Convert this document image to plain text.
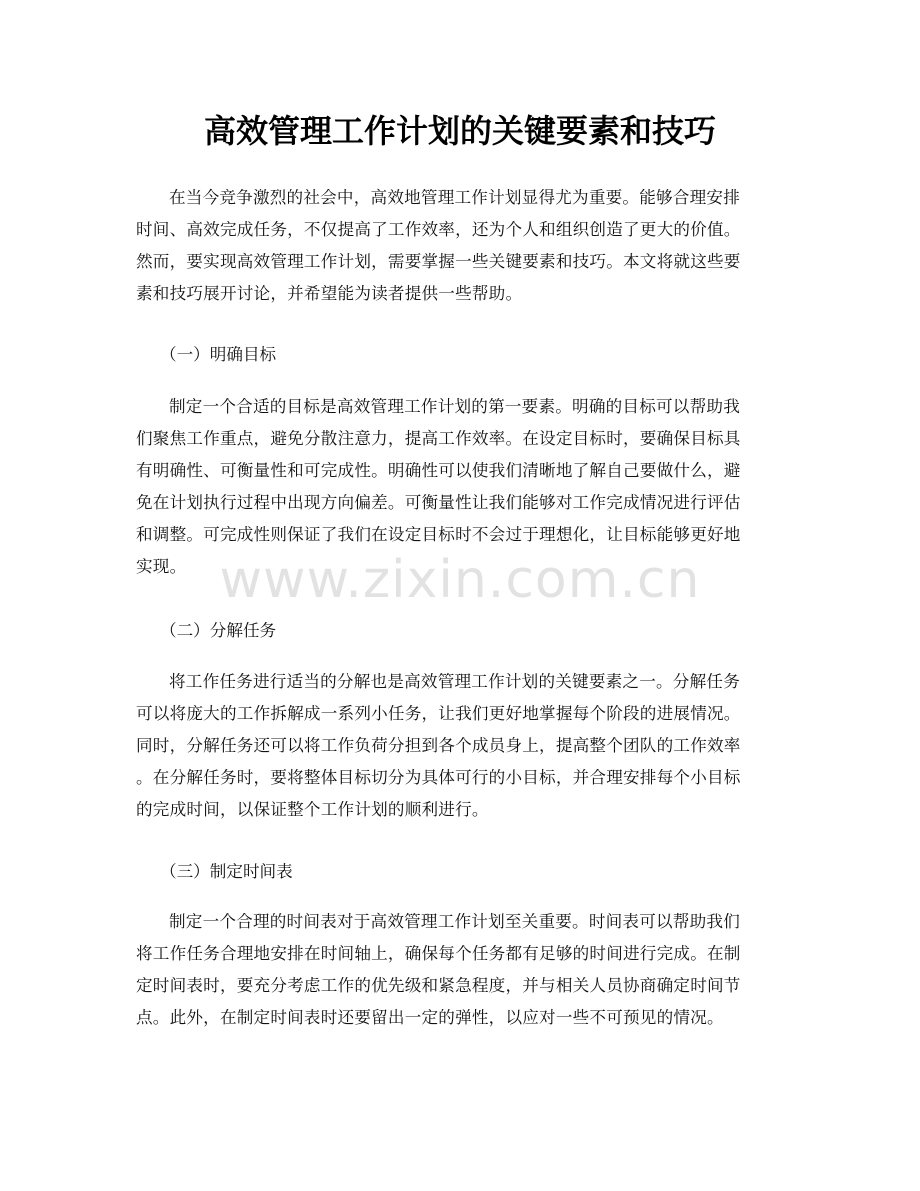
高效管理工作计划的关键要素和技巧
在当今竞争激烈的社会中，高效地管理工作计划显得尤为重要。能够合理安排
时间、高效完成任务，不仅提高了工作效率，还为个人和组织创造了更大的价值。
然而，要实现高效管理工作计划，需要掌握一些关键要素和技巧。本文将就这些要
素和技巧展开讨论，并希望能为读者提供一些帮助。

（一）明确目标

制定一个合适的目标是高效管理工作计划的第一要素。明确的目标可以帮助我
们聚焦工作重点，避免分散注意力，提高工作效率。在设定目标时，要确保目标具
有明确性、可衡量性和可完成性。明确性可以使我们清晰地了解自己要做什么，避
免在计划执行过程中出现方向偏差。可衡量性让我们能够对工作完成情况进行评估
和调整。可完成性则保证了我们在设定目标时不会过于理想化，让目标能够更好地
实现。

（二）分解任务

将工作任务进行适当的分解也是高效管理工作计划的关键要素之一。分解任务
可以将庞大的工作拆解成一系列小任务，让我们更好地掌握每个阶段的进展情况。
同时，分解任务还可以将工作负荷分担到各个成员身上，提高整个团队的工作效率
。在分解任务时，要将整体目标切分为具体可行的小目标，并合理安排每个小目标
的完成时间，以保证整个工作计划的顺利进行。

（三）制定时间表

制定一个合理的时间表对于高效管理工作计划至关重要。时间表可以帮助我们
将工作任务合理地安排在时间轴上，确保每个任务都有足够的时间进行完成。在制
定时间表时，要充分考虑工作的优先级和紧急程度，并与相关人员协商确定时间节
点。此外，在制定时间表时还要留出一定的弹性，以应对一些不可预见的情况。
www.zixin.com.cn
